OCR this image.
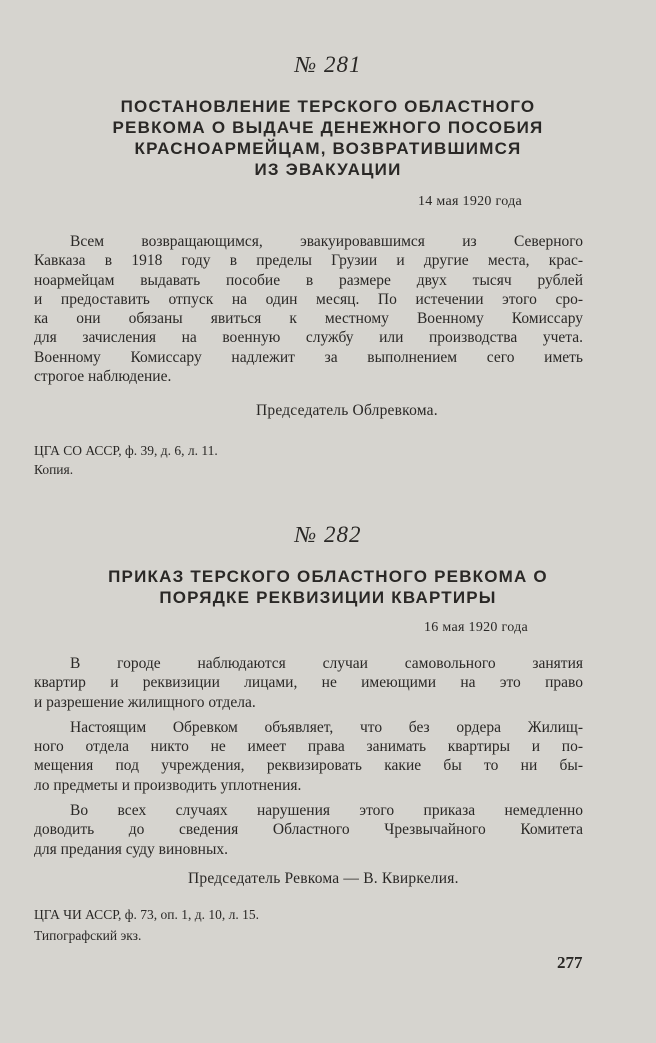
№ 281
ПОСТАНОВЛЕНИЕ ТЕРСКОГО ОБЛАСТНОГО
РЕВКОМА О ВЫДАЧЕ ДЕНЕЖНОГО ПОСОБИЯ
КРАСНОАРМЕЙЦАМ, ВОЗВРАТИВШИМСЯ
ИЗ ЭВАКУАЦИИ
14 мая 1920 года
Всем возвращающимся, эвакуировавшимся из Северного
Кавказа в 1918 году в пределы Грузии и другие места, крас-
ноармейцам выдавать пособие в размере двух тысяч рублей
и предоставить отпуск на один месяц. По истечении этого сро-
ка они обязаны явиться к местному Военному Комиссару
для зачисления на военную службу или производства учета.
Военному Комиссару надлежит за выполнением сего иметь
строгое наблюдение.
Председатель Облревкома.
ЦГА СО АССР, ф. 39, д. 6, л. 11.
Копия.
№ 282
ПРИКАЗ ТЕРСКОГО ОБЛАСТНОГО РЕВКОМА О
ПОРЯДКЕ РЕКВИЗИЦИИ КВАРТИРЫ
16 мая 1920 года
В городе наблюдаются случаи самовольного занятия
квартир и реквизиции лицами, не имеющими на это право
и разрешение жилищного отдела.
Настоящим Обревком объявляет, что без ордера Жилищ-
ного отдела никто не имеет права занимать квартиры и по-
мещения под учреждения, реквизировать какие бы то ни бы-
ло предметы и производить уплотнения.
Во всех случаях нарушения этого приказа немедленно
доводить до сведения Областного Чрезвычайного Комитета
для предания суду виновных.
Председатель Ревкома — В. Квиркелия.
ЦГА ЧИ АССР, ф. 73, оп. 1, д. 10, л. 15.
Типографский экз.
277
